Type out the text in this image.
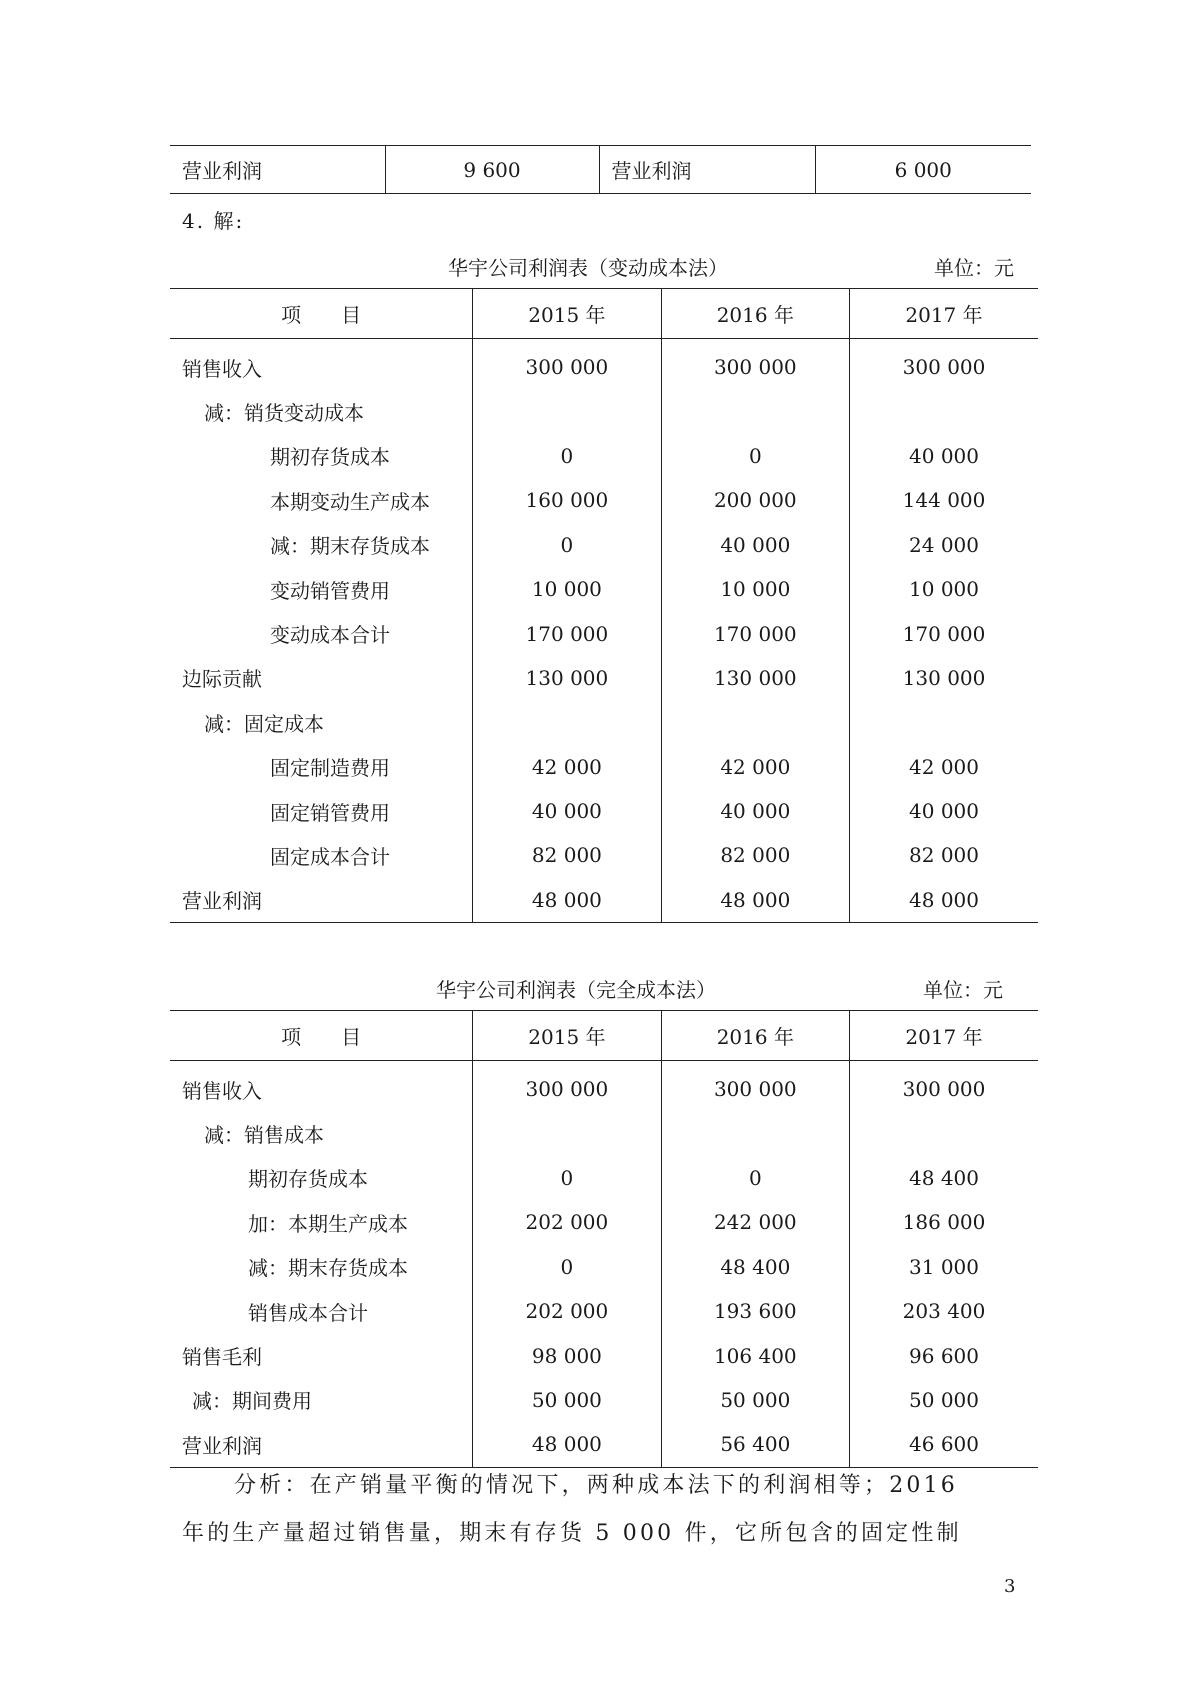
营业利润	9 600	营业利润	6 000
4. 解:
华宇公司利润表（变动成本法）	单位：元
项　　目	2015 年	2016 年	2017 年
销售收入	300 000	300 000	300 000
减：销货变动成本			
期初存货成本	0	0	40 000
本期变动生产成本	160 000	200 000	144 000
减：期末存货成本	0	40 000	24 000
变动销管费用	10 000	10 000	10 000
变动成本合计	170 000	170 000	170 000
边际贡献	130 000	130 000	130 000
减：固定成本			
固定制造费用	42 000	42 000	42 000
固定销管费用	40 000	40 000	40 000
固定成本合计	82 000	82 000	82 000
营业利润	48 000	48 000	48 000
华宇公司利润表（完全成本法）	单位：元
项　　目	2015 年	2016 年	2017 年
销售收入	300 000	300 000	300 000
减：销售成本			
期初存货成本	0	0	48 400
加：本期生产成本	202 000	242 000	186 000
减：期末存货成本	0	48 400	31 000
销售成本合计	202 000	193 600	203 400
销售毛利	98 000	106 400	96 600
减：期间费用	50 000	50 000	50 000
营业利润	48 000	56 400	46 600
分析：在产销量平衡的情况下，两种成本法下的利润相等；2016
年的生产量超过销售量，期末有存货 5 000 件，它所包含的固定性制
3
